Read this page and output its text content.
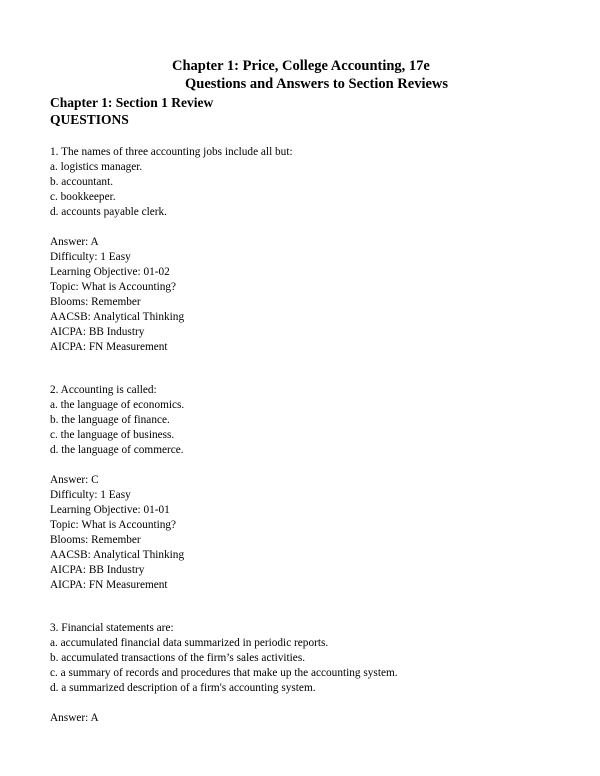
Chapter 1: Price, College Accounting, 17e
Questions and Answers to Section Reviews
Chapter 1: Section 1 Review
QUESTIONS
1. The names of three accounting jobs include all but:
a. logistics manager.
b. accountant.
c. bookkeeper.
d. accounts payable clerk.
Answer: A
Difficulty: 1 Easy
Learning Objective: 01-02
Topic: What is Accounting?
Blooms: Remember
AACSB: Analytical Thinking
AICPA: BB Industry
AICPA: FN Measurement
2. Accounting is called:
a. the language of economics.
b. the language of finance.
c. the language of business.
d. the language of commerce.
Answer: C
Difficulty: 1 Easy
Learning Objective: 01-01
Topic: What is Accounting?
Blooms: Remember
AACSB: Analytical Thinking
AICPA: BB Industry
AICPA: FN Measurement
3. Financial statements are:
a. accumulated financial data summarized in periodic reports.
b. accumulated transactions of the firm’s sales activities.
c. a summary of records and procedures that make up the accounting system.
d. a summarized description of a firm's accounting system.
Answer: A
